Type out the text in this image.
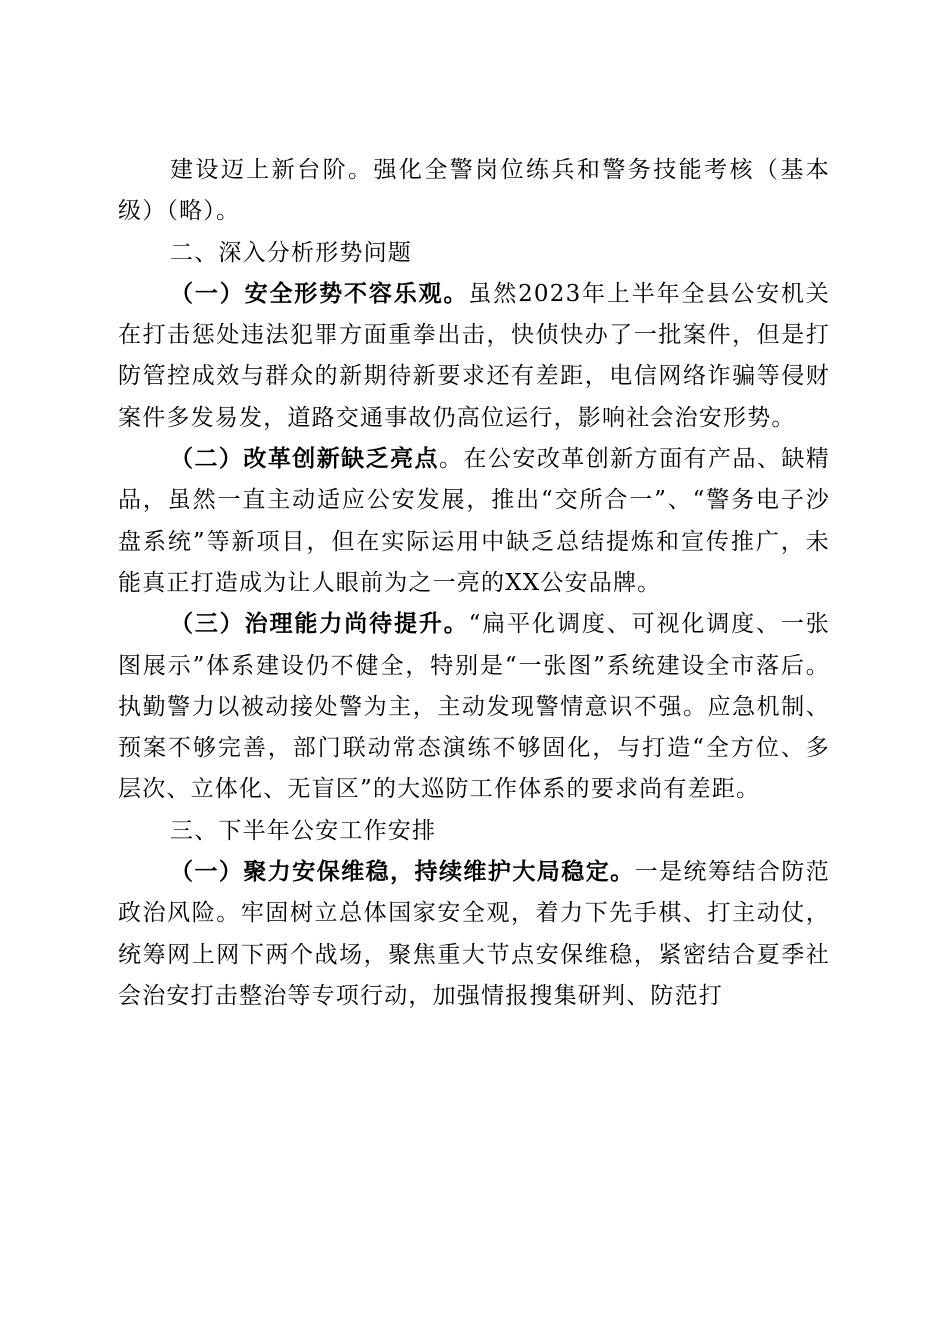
建设迈上新台阶。强化全警岗位练兵和警务技能考核（基本级）（略）。

二、深入分析形势问题

（一）安全形势不容乐观。虽然2023年上半年全县公安机关在打击惩处违法犯罪方面重拳出击，快侦快办了一批案件，但是打防管控成效与群众的新期待新要求还有差距，电信网络诈骗等侵财案件多发易发，道路交通事故仍高位运行，影响社会治安形势。

（二）改革创新缺乏亮点。在公安改革创新方面有产品、缺精品，虽然一直主动适应公安发展，推出“交所合一”、“警务电子沙盘系统”等新项目，但在实际运用中缺乏总结提炼和宣传推广，未能真正打造成为让人眼前为之一亮的XX公安品牌。

（三）治理能力尚待提升。“扁平化调度、可视化调度、一张图展示”体系建设仍不健全，特别是“一张图”系统建设全市落后。执勤警力以被动接处警为主，主动发现警情意识不强。应急机制、预案不够完善，部门联动常态演练不够固化，与打造“全方位、多层次、立体化、无盲区”的大巡防工作体系的要求尚有差距。

三、下半年公安工作安排

（一）聚力安保维稳，持续维护大局稳定。一是统筹结合防范政治风险。牢固树立总体国家安全观，着力下先手棋、打主动仗，统筹网上网下两个战场，聚焦重大节点安保维稳，紧密结合夏季社会治安打击整治等专项行动，加强情报搜集研判、防范打
